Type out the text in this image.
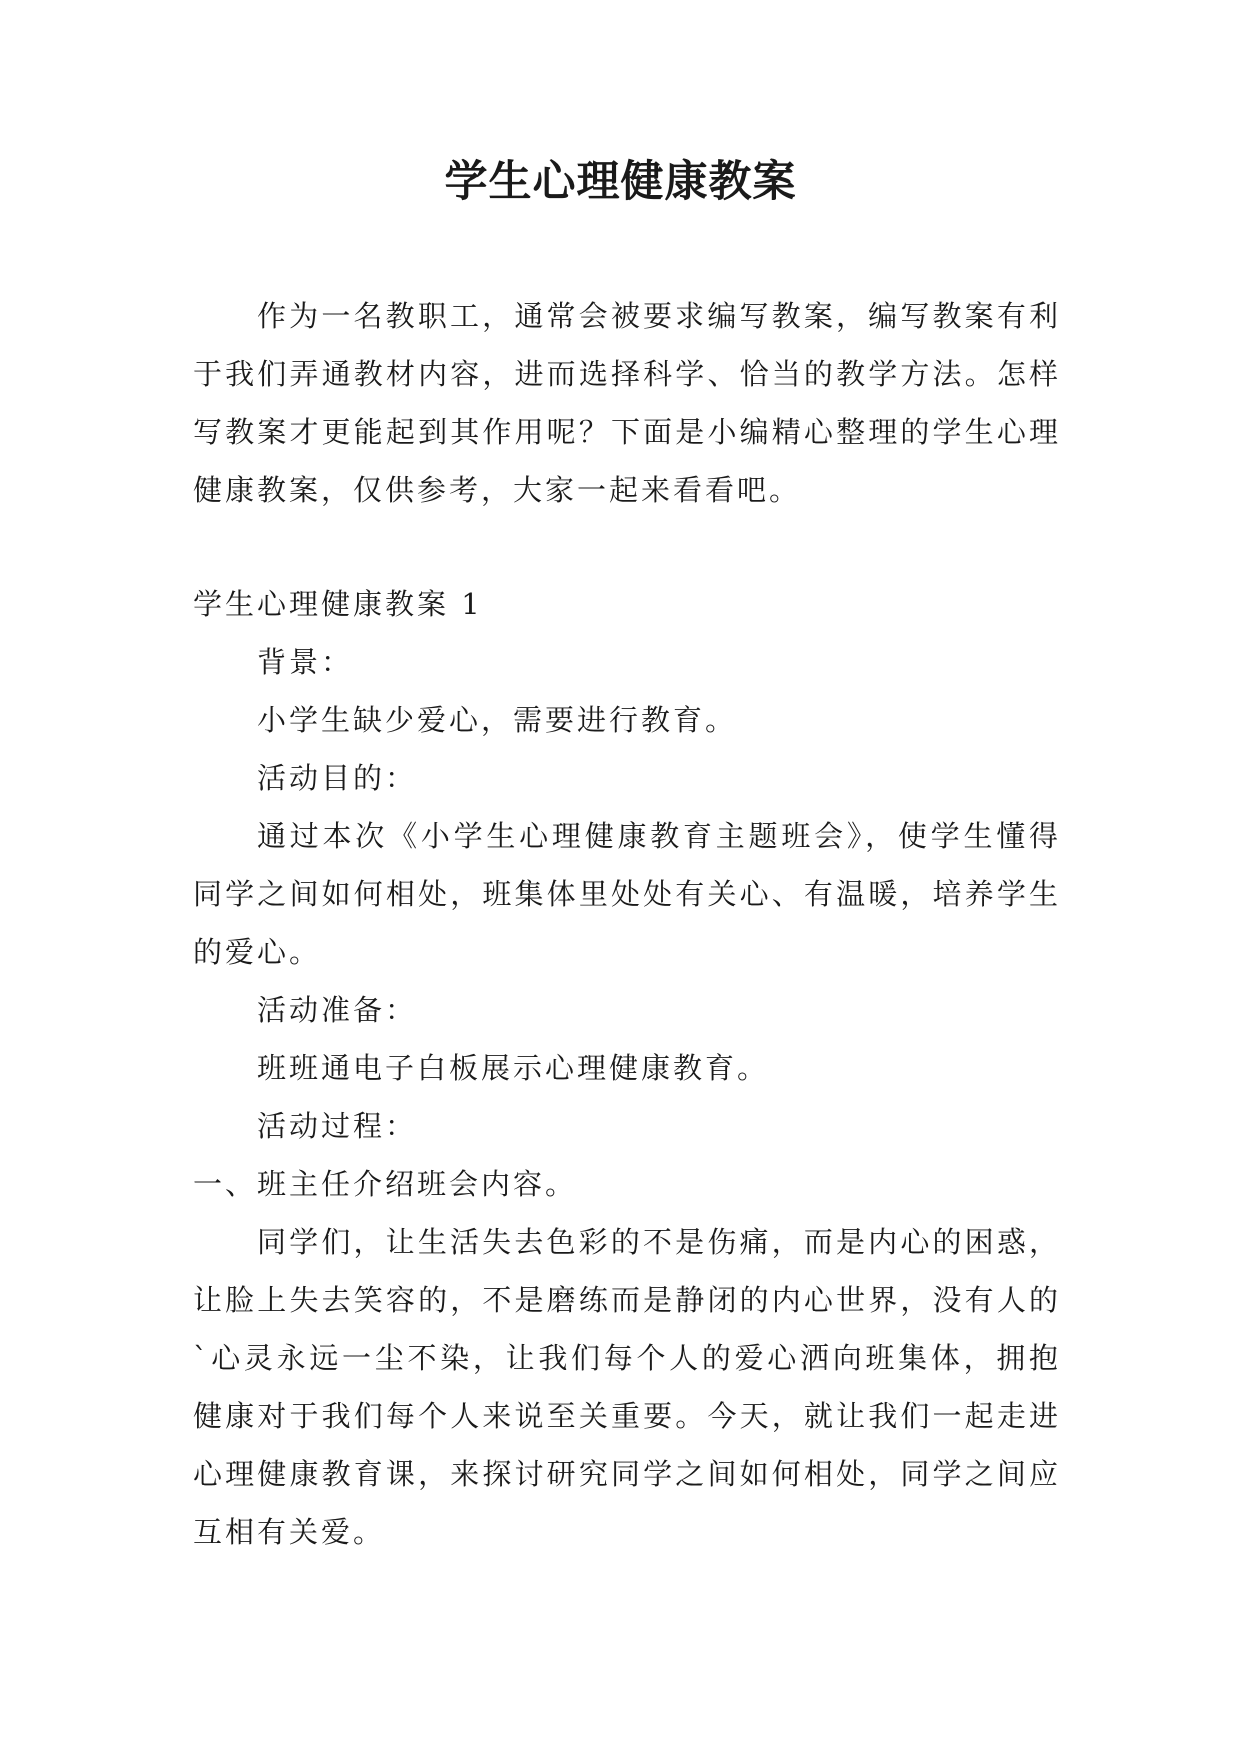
学生心理健康教案

作为一名教职工，通常会被要求编写教案，编写教案有利于我们弄通教材内容，进而选择科学、恰当的教学方法。怎样写教案才更能起到其作用呢？下面是小编精心整理的学生心理健康教案，仅供参考，大家一起来看看吧。

学生心理健康教案 1

背景：

小学生缺少爱心，需要进行教育。

活动目的：

通过本次《小学生心理健康教育主题班会》，使学生懂得同学之间如何相处，班集体里处处有关心、有温暖，培养学生的爱心。

活动准备：

班班通电子白板展示心理健康教育。

活动过程：

一、班主任介绍班会内容。

同学们，让生活失去色彩的不是伤痛，而是内心的困惑，让脸上失去笑容的，不是磨练而是静闭的内心世界，没有人的`心灵永远一尘不染，让我们每个人的爱心洒向班集体，拥抱健康对于我们每个人来说至关重要。今天，就让我们一起走进心理健康教育课，来探讨研究同学之间如何相处，同学之间应互相有关爱。
